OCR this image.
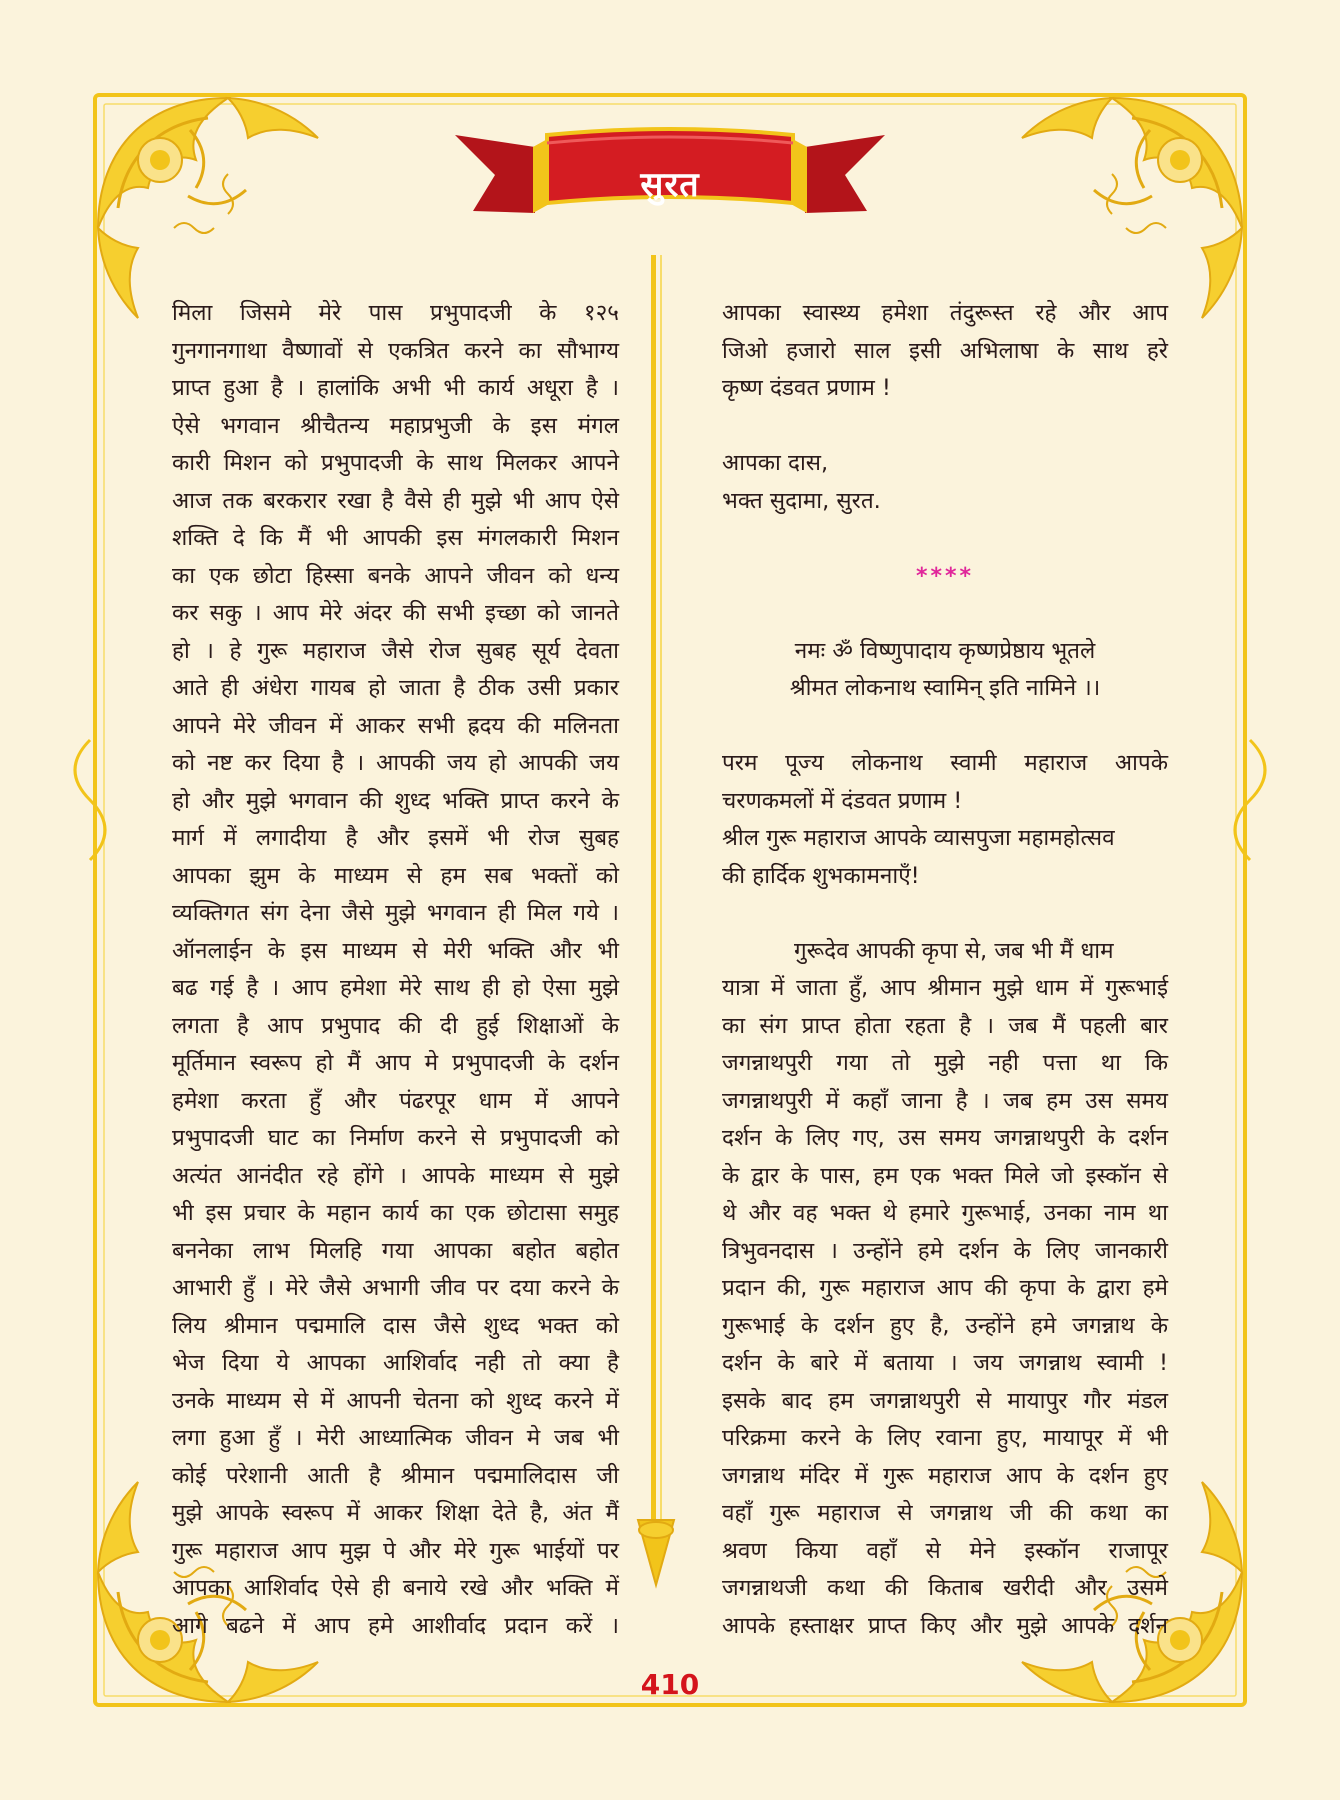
सुरत
मिला जिसमे मेरे पास प्रभुपादजी के १२५
गुनगानगाथा वैष्णावों से एकत्रित करने का सौभाग्य
प्राप्त हुआ है । हालांकि अभी भी कार्य अधूरा है ।
ऐसे भगवान श्रीचैतन्य महाप्रभुजी के इस मंगल
कारी मिशन को प्रभुपादजी के साथ मिलकर आपने
आज तक बरकरार रखा है वैसे ही मुझे भी आप ऐसे
शक्ति दे कि मैं भी आपकी इस मंगलकारी मिशन
का एक छोटा हिस्सा बनके आपने जीवन को धन्य
कर सकु । आप मेरे अंदर की सभी इच्छा को जानते
हो । हे गुरू महाराज जैसे रोज सुबह सूर्य देवता
आते ही अंधेरा गायब हो जाता है ठीक उसी प्रकार
आपने मेरे जीवन में आकर सभी ह्रदय की मलिनता
को नष्ट कर दिया है । आपकी जय हो आपकी जय
हो और मुझे भगवान की शुध्द भक्ति प्राप्त करने के
मार्ग में लगादीया है और इसमें भी रोज सुबह
आपका झुम के माध्यम से हम सब भक्तों को
व्यक्तिगत संग देना जैसे मुझे भगवान ही मिल गये ।
ऑनलाईन के इस माध्यम से मेरी भक्ति और भी
बढ गई है । आप हमेशा मेरे साथ ही हो ऐसा मुझे
लगता है आप प्रभुपाद की दी हुई शिक्षाओं के
मूर्तिमान स्वरूप हो मैं आप मे प्रभुपादजी के दर्शन
हमेशा करता हुँ और पंढरपूर धाम में आपने
प्रभुपादजी घाट का निर्माण करने से प्रभुपादजी को
अत्यंत आनंदीत रहे होंगे । आपके माध्यम से मुझे
भी इस प्रचार के महान कार्य का एक छोटासा समुह
बननेका लाभ मिलहि गया आपका बहोत बहोत
आभारी हुँ । मेरे जैसे अभागी जीव पर दया करने के
लिय श्रीमान पद्ममालि दास जैसे शुध्द भक्त को
भेज दिया ये आपका आशिर्वाद नही तो क्या है
उनके माध्यम से में आपनी चेतना को शुध्द करने में
लगा हुआ हुँ । मेरी आध्यात्मिक जीवन मे जब भी
कोई परेशानी आती है श्रीमान पद्ममालिदास जी
मुझे आपके स्वरूप में आकर शिक्षा देते है, अंत मैं
गुरू महाराज आप मुझ पे और मेरे गुरू भाईयों पर
आपका आशिर्वाद ऐसे ही बनाये रखे और भक्ति में
आगे बढने में आप हमे आशीर्वाद प्रदान करें ।
आपका स्वास्थ्य हमेशा तंदुरूस्त रहे और आप
जिओ हजारो साल इसी अभिलाषा के साथ हरे
कृष्ण दंडवत प्रणाम !
आपका दास,
भक्त सुदामा, सुरत.
****
नमः ॐ विष्णुपादाय कृष्णप्रेष्ठाय भूतले
श्रीमत लोकनाथ स्वामिन् इति नामिने ।।
परम पूज्य लोकनाथ स्वामी महाराज आपके
चरणकमलों में दंडवत प्रणाम !
श्रील गुरू महाराज आपके व्यासपुजा महामहोत्सव
की हार्दिक शुभकामनाएँ!
गुरूदेव आपकी कृपा से, जब भी मैं धाम
यात्रा में जाता हुँ, आप श्रीमान मुझे धाम में गुरूभाई
का संग प्राप्त होता रहता है । जब मैं पहली बार
जगन्नाथपुरी गया तो मुझे नही पत्ता था कि
जगन्नाथपुरी में कहाँ जाना है । जब हम उस समय
दर्शन के लिए गए, उस समय जगन्नाथपुरी के दर्शन
के द्वार के पास, हम एक भक्त मिले जो इस्कॉन से
थे और वह भक्त थे हमारे गुरूभाई, उनका नाम था
त्रिभुवनदास । उन्होंने हमे दर्शन के लिए जानकारी
प्रदान की, गुरू महाराज आप की कृपा के द्वारा हमे
गुरूभाई के दर्शन हुए है, उन्होंने हमे जगन्नाथ के
दर्शन के बारे में बताया । जय जगन्नाथ स्वामी !
इसके बाद हम जगन्नाथपुरी से मायापुर गौर मंडल
परिक्रमा करने के लिए रवाना हुए, मायापूर में भी
जगन्नाथ मंदिर में गुरू महाराज आप के दर्शन हुए
वहाँ गुरू महाराज से जगन्नाथ जी की कथा का
श्रवण किया वहाँ से मेने इस्कॉन राजापूर
जगन्नाथजी कथा की किताब खरीदी और उसमे
आपके हस्ताक्षर प्राप्त किए और मुझे आपके दर्शन
410
